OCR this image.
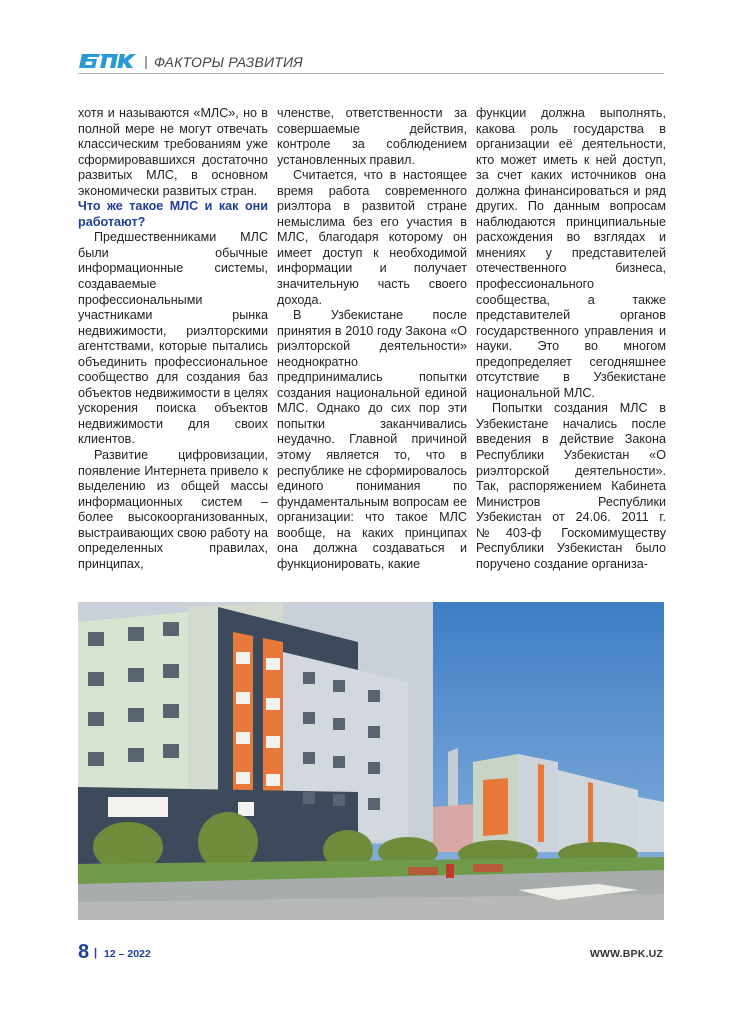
| ФАКТОРЫ РАЗВИТИЯ

хотя и называются «МЛС», но в полной мере не могут отвечать классическим требованиям уже сформировавшихся достаточно развитых МЛС, в основном экономически развитых стран.

Что же такое МЛС и как они работают?

Предшественниками МЛС были обычные информационные системы, создаваемые профессиональными участниками рынка недвижимости, риэлторскими агентствами, которые пытались объединить профессиональное сообщество для создания баз объектов недвижимости в целях ускорения поиска объектов недвижимости для своих клиентов.

Развитие цифровизации, появление Интернета привело к выделению из общей массы информационных систем – более высокоорганизованных, выстраивающих свою работу на определенных правилах, принципах,

членстве, ответственности за совершаемые действия, контроле за соблюдением установленных правил.

Считается, что в настоящее время работа современного риэлтора в развитой стране немыслима без его участия в МЛС, благодаря которому он имеет доступ к необходимой информации и получает значительную часть своего дохода.

В Узбекистане после принятия в 2010 году Закона «О риэлторской деятельности» неоднократно предпринимались попытки создания национальной единой МЛС. Однако до сих пор эти попытки заканчивались неудачно. Главной причиной этому является то, что в республике не сформировалось единого понимания по фундаментальным вопросам ее организации: что такое МЛС вообще, на каких принципах она должна создаваться и функционировать, какие

функции должна выполнять, какова роль государства в организации её деятельности, кто может иметь к ней доступ, за счет каких источников она должна финансироваться и ряд других. По данным вопросам наблюдаются принципиальные расхождения во взглядах и мнениях у представителей отечественного бизнеса, профессионального сообщества, а также представителей органов государственного управления и науки. Это во многом предопределяет сегодняшнее отсутствие в Узбекистане национальной МЛС.

Попытки создания МЛС в Узбекистане начались после введения в действие Закона Республики Узбекистан «О риэлторской деятельности». Так, распоряжением Кабинета Министров Республики Узбекистан от 24.06. 2011 г. №403-ф Госкомимуществу Республики Узбекистан было поручено создание организа-

8 | 12 – 2022	WWW.BPK.UZ
